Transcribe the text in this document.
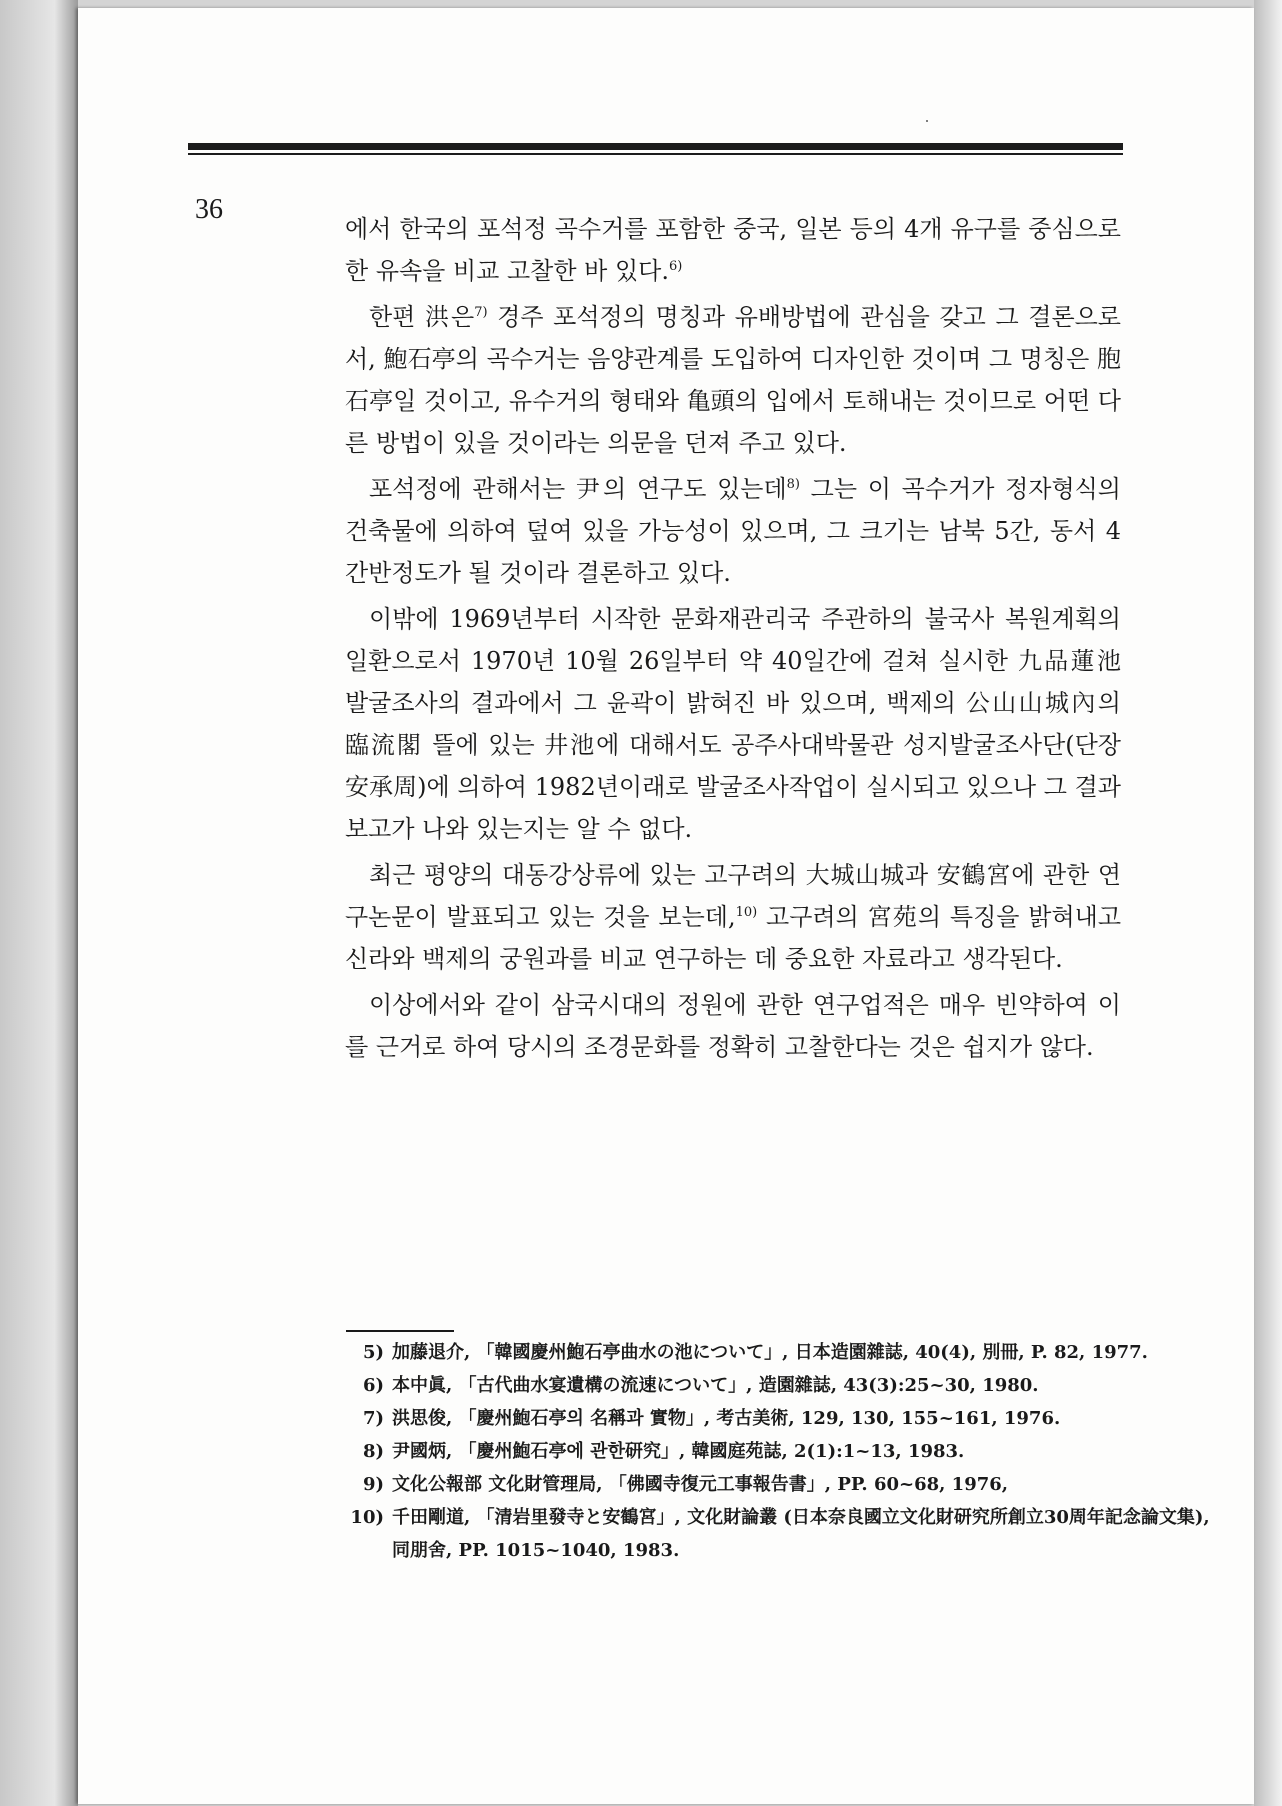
36

에서 한국의 포석정 곡수거를 포함한 중국, 일본 등의 4개 유구를 중심으로 한 유속을 비교 고찰한 바 있다.$^{6)}$

한편 洪은$^{7)}$ 경주 포석정의 명칭과 유배방법에 관심을 갖고 그 결론으로서, 鮑石亭의 곡수거는 음양관계를 도입하여 디자인한 것이며 그 명칭은 胞石亭일 것이고, 유수거의 형태와 亀頭의 입에서 토해내는 것이므로 어떤 다른 방법이 있을 것이라는 의문을 던져 주고 있다.

포석정에 관해서는 尹의 연구도 있는데$^{8)}$ 그는 이 곡수거가 정자형식의 건축물에 의하여 덮여 있을 가능성이 있으며, 그 크기는 남북 5간, 동서 4간반정도가 될 것이라 결론하고 있다.

이밖에 1969년부터 시작한 문화재관리국 주관하의 불국사 복원계획의 일환으로서 1970년 10월 26일부터 약 40일간에 걸쳐 실시한 九品蓮池 발굴조사의 결과에서 그 윤곽이 밝혀진 바 있으며, 백제의 公山山城內의 臨流閣 뜰에 있는 井池에 대해서도 공주사대박물관 성지발굴조사단(단장 安承周)에 의하여 1982년이래로 발굴조사작업이 실시되고 있으나 그 결과보고가 나와 있는지는 알 수 없다.

최근 평양의 대동강상류에 있는 고구려의 大城山城과 安鶴宮에 관한 연구논문이 발표되고 있는 것을 보는데,$^{10)}$ 고구려의 宮苑의 특징을 밝혀내고 신라와 백제의 궁원과를 비교 연구하는 데 중요한 자료라고 생각된다.

이상에서와 같이 삼국시대의 정원에 관한 연구업적은 매우 빈약하여 이를 근거로 하여 당시의 조경문화를 정확히 고찰한다는 것은 쉽지가 않다.

5) 加藤退介, 「韓國慶州鮑石亭曲水の池について」, 日本造園雜誌, 40(4), 別冊, P. 82, 1977.
6) 本中眞, 「古代曲水宴遺構の流速について」, 造園雜誌, 43(3):25~30, 1980.
7) 洪思俊, 「慶州鮑石亭의 名稱과 實物」, 考古美術, 129, 130, 155~161, 1976.
8) 尹國炳, 「慶州鮑石亭에 관한研究」, 韓國庭苑誌, 2(1):1~13, 1983.
9) 文化公報部 文化財管理局, 「佛國寺復元工事報告書」, PP. 60~68, 1976,
10) 千田剛道, 「清岩里發寺と安鶴宮」, 文化財論叢 (日本奈良國立文化財研究所創立30周年記念論文集), 同朋舍, PP. 1015~1040, 1983.
